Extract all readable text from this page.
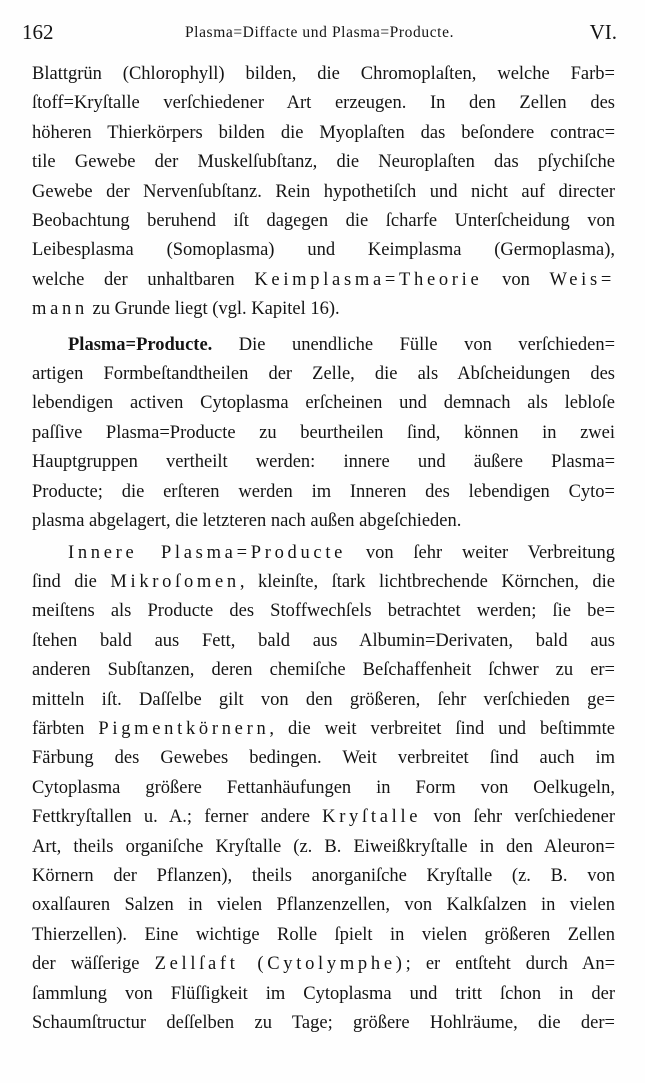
162	Plasma=Diffacte und Plasma=Producte.	VI.
Blattgrün (Chlorophyll) bilden, die Chromoplaſten, welche Farb=
ſtoff=Kryſtalle verſchiedener Art erzeugen. In den Zellen des
höheren Thierkörpers bilden die Myoplaſten das beſondere contrac=
tile Gewebe der Muskelſubſtanz, die Neuroplaſten das pſychiſche
Gewebe der Nervenſubſtanz. Rein hypothetiſch und nicht auf directer
Beobachtung beruhend iſt dagegen die ſcharfe Unterſcheidung von
Leibesplasma (Somoplasma) und Keimplasma (Germoplasma),
welche der unhaltbaren Keimplasma=Theorie von Weis=
mann zu Grunde liegt (vgl. Kapitel 16).
Plasma=Producte. Die unendliche Fülle von verſchieden=
artigen Formbeſtandtheilen der Zelle, die als Abſcheidungen des
lebendigen activen Cytoplasma erſcheinen und demnach als lebloſe
paſſive Plasma=Producte zu beurtheilen ſind, können in zwei
Hauptgruppen vertheilt werden: innere und äußere Plasma=
Producte; die erſteren werden im Inneren des lebendigen Cyto=
plasma abgelagert, die letzteren nach außen abgeſchieden.
Innere Plasma=Producte von ſehr weiter Verbreitung
ſind die Mikroſomen, kleinſte, ſtark lichtbrechende Körnchen, die
meiſtens als Producte des Stoffwechſels betrachtet werden; ſie be=
ſtehen bald aus Fett, bald aus Albumin=Derivaten, bald aus
anderen Subſtanzen, deren chemiſche Beſchaffenheit ſchwer zu er=
mitteln iſt. Daſſelbe gilt von den größeren, ſehr verſchieden ge=
färbten Pigmentkörnern, die weit verbreitet ſind und beſtimmte
Färbung des Gewebes bedingen. Weit verbreitet ſind auch im
Cytoplasma größere Fettanhäufungen in Form von Oelkugeln,
Fettkryſtallen u. A.; ferner andere Kryſtalle von ſehr verſchiedener
Art, theils organiſche Kryſtalle (z. B. Eiweißkryſtalle in den Aleuron=
Körnern der Pflanzen), theils anorganiſche Kryſtalle (z. B. von
oxalſauren Salzen in vielen Pflanzenzellen, von Kalkſalzen in vielen
Thierzellen). Eine wichtige Rolle ſpielt in vielen größeren Zellen
der wäſſerige Zellſaft (Cytolymphe); er entſteht durch An=
ſammlung von Flüſſigkeit im Cytoplasma und tritt ſchon in der
Schaumſtructur deſſelben zu Tage; größere Hohlräume, die der=
